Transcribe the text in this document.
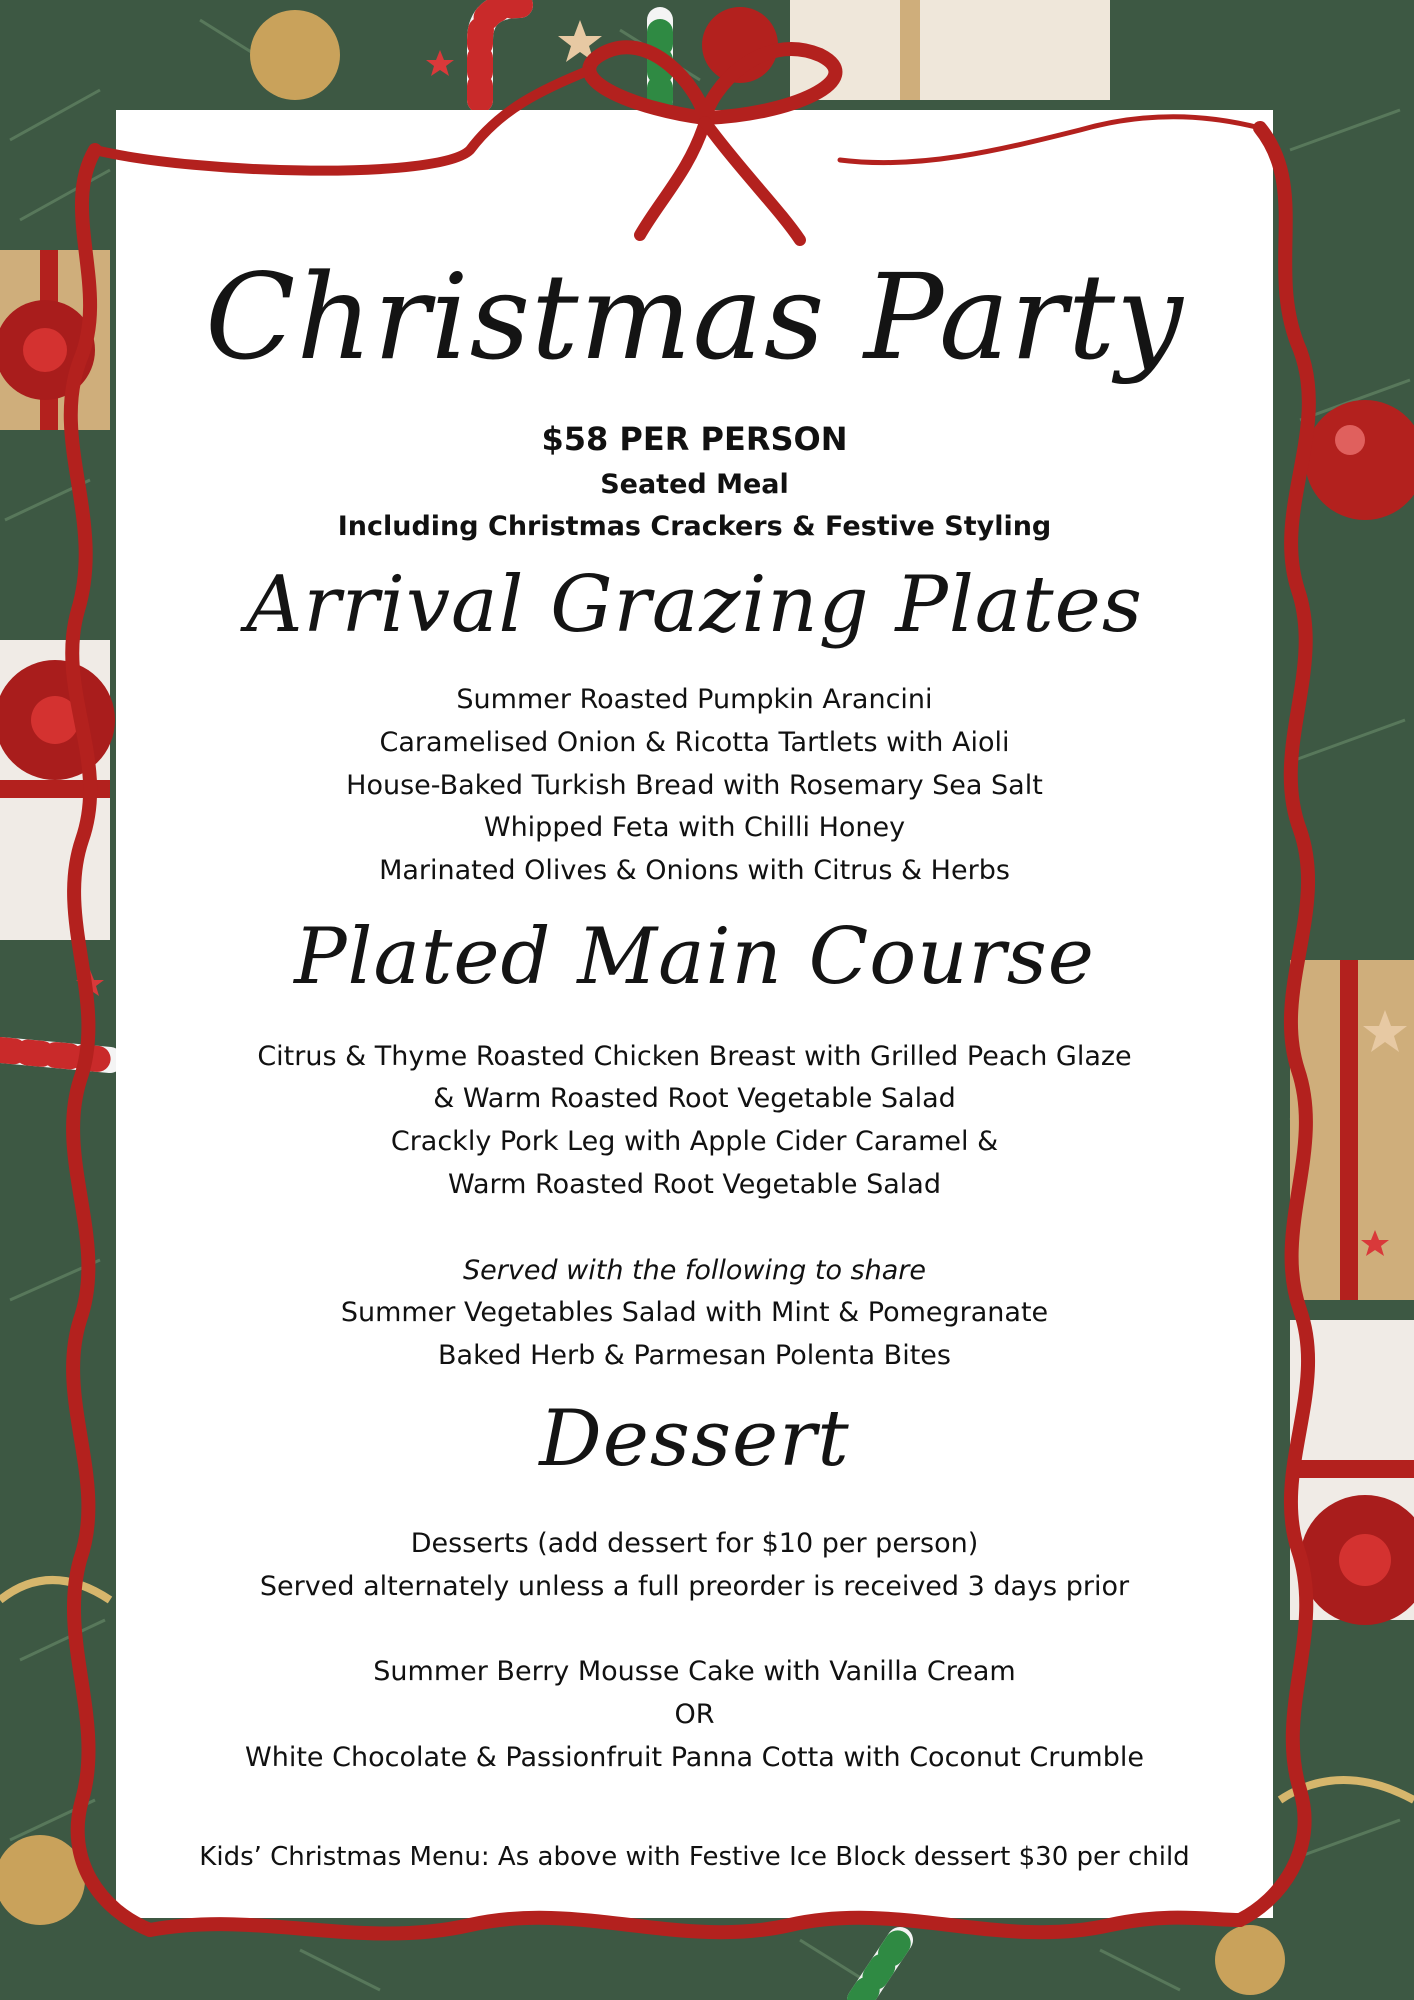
Christmas Party
$58 PER PERSON
Seated Meal
Including Christmas Crackers & Festive Styling
Arrival Grazing Plates
Summer Roasted Pumpkin Arancini
Caramelised Onion & Ricotta Tartlets with Aioli
House-Baked Turkish Bread with Rosemary Sea Salt
Whipped Feta with Chilli Honey
Marinated Olives & Onions with Citrus & Herbs
Plated Main Course
Citrus & Thyme Roasted Chicken Breast with Grilled Peach Glaze
& Warm Roasted Root Vegetable Salad
Crackly Pork Leg with Apple Cider Caramel &
Warm Roasted Root Vegetable Salad
Served with the following to share
Summer Vegetables Salad with Mint & Pomegranate
Baked Herb & Parmesan Polenta Bites
Dessert
Desserts (add dessert for $10 per person)
Served alternately unless a full preorder is received 3 days prior
Summer Berry Mousse Cake with Vanilla Cream
OR
White Chocolate & Passionfruit Panna Cotta with Coconut Crumble
Kids’ Christmas Menu: As above with Festive Ice Block dessert $30 per child
